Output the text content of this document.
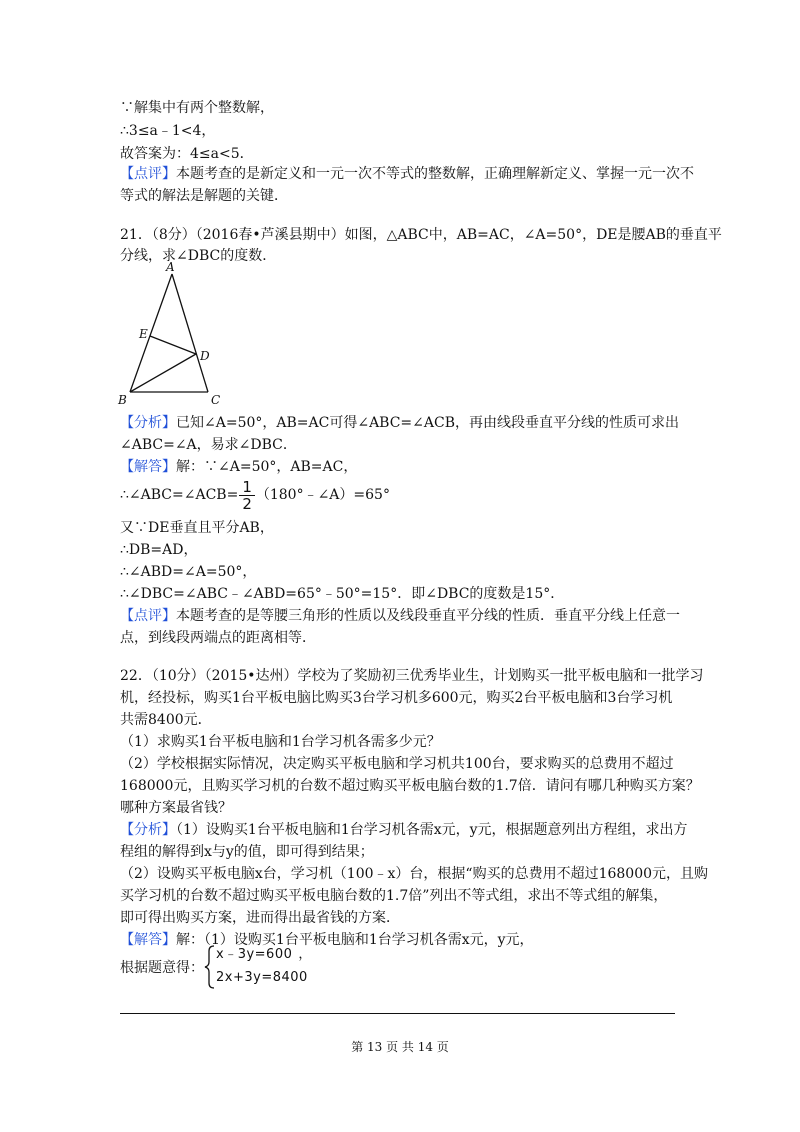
∵解集中有两个整数解，
∴3≤a﹣1<4，
故答案为：4≤a<5．
【点评】本题考查的是新定义和一元一次不等式的整数解，正确理解新定义、掌握一元一次不
等式的解法是解题的关键．
21．（8分）（2016春•芦溪县期中）如图，△ABC中，AB=AC，∠A=50°，DE是腰AB的垂直平
分线，求∠DBC的度数．
A
E
D
B	C
【分析】已知∠A=50°，AB=AC可得∠ABC=∠ACB，再由线段垂直平分线的性质可求出
∠ABC=∠A，易求∠DBC．
【解答】解：∵∠A=50°，AB=AC，
∴∠ABC=∠ACB= $\frac{1}{2}$ （180°﹣∠A）=65°
又∵DE垂直且平分AB，
∴DB=AD，
∴∠ABD=∠A=50°，
∴∠DBC=∠ABC﹣∠ABD=65°﹣50°=15°．即∠DBC的度数是15°．
【点评】本题考查的是等腰三角形的性质以及线段垂直平分线的性质．垂直平分线上任意一
点，到线段两端点的距离相等．
22．（10分）（2015•达州）学校为了奖励初三优秀毕业生，计划购买一批平板电脑和一批学习
机，经投标，购买1台平板电脑比购买3台学习机多600元，购买2台平板电脑和3台学习机
共需8400元．
（1）求购买1台平板电脑和1台学习机各需多少元？
（2）学校根据实际情况，决定购买平板电脑和学习机共100台，要求购买的总费用不超过
168000元，且购买学习机的台数不超过购买平板电脑台数的1.7倍．请问有哪几种购买方案？
哪种方案最省钱？
【分析】（1）设购买1台平板电脑和1台学习机各需x元，y元，根据题意列出方程组，求出方
程组的解得到x与y的值，即可得到结果；
（2）设购买平板电脑x台，学习机（100﹣x）台，根据“购买的总费用不超过168000元，且购
买学习机的台数不超过购买平板电脑台数的1.7倍”列出不等式组，求出不等式组的解集，
即可得出购买方案，进而得出最省钱的方案．
【解答】解：（1）设购买1台平板电脑和1台学习机各需x元，y元，
根据题意得：
x﹣3y=600 ，
2x+3y=8400
第 13 页 共 14 页
